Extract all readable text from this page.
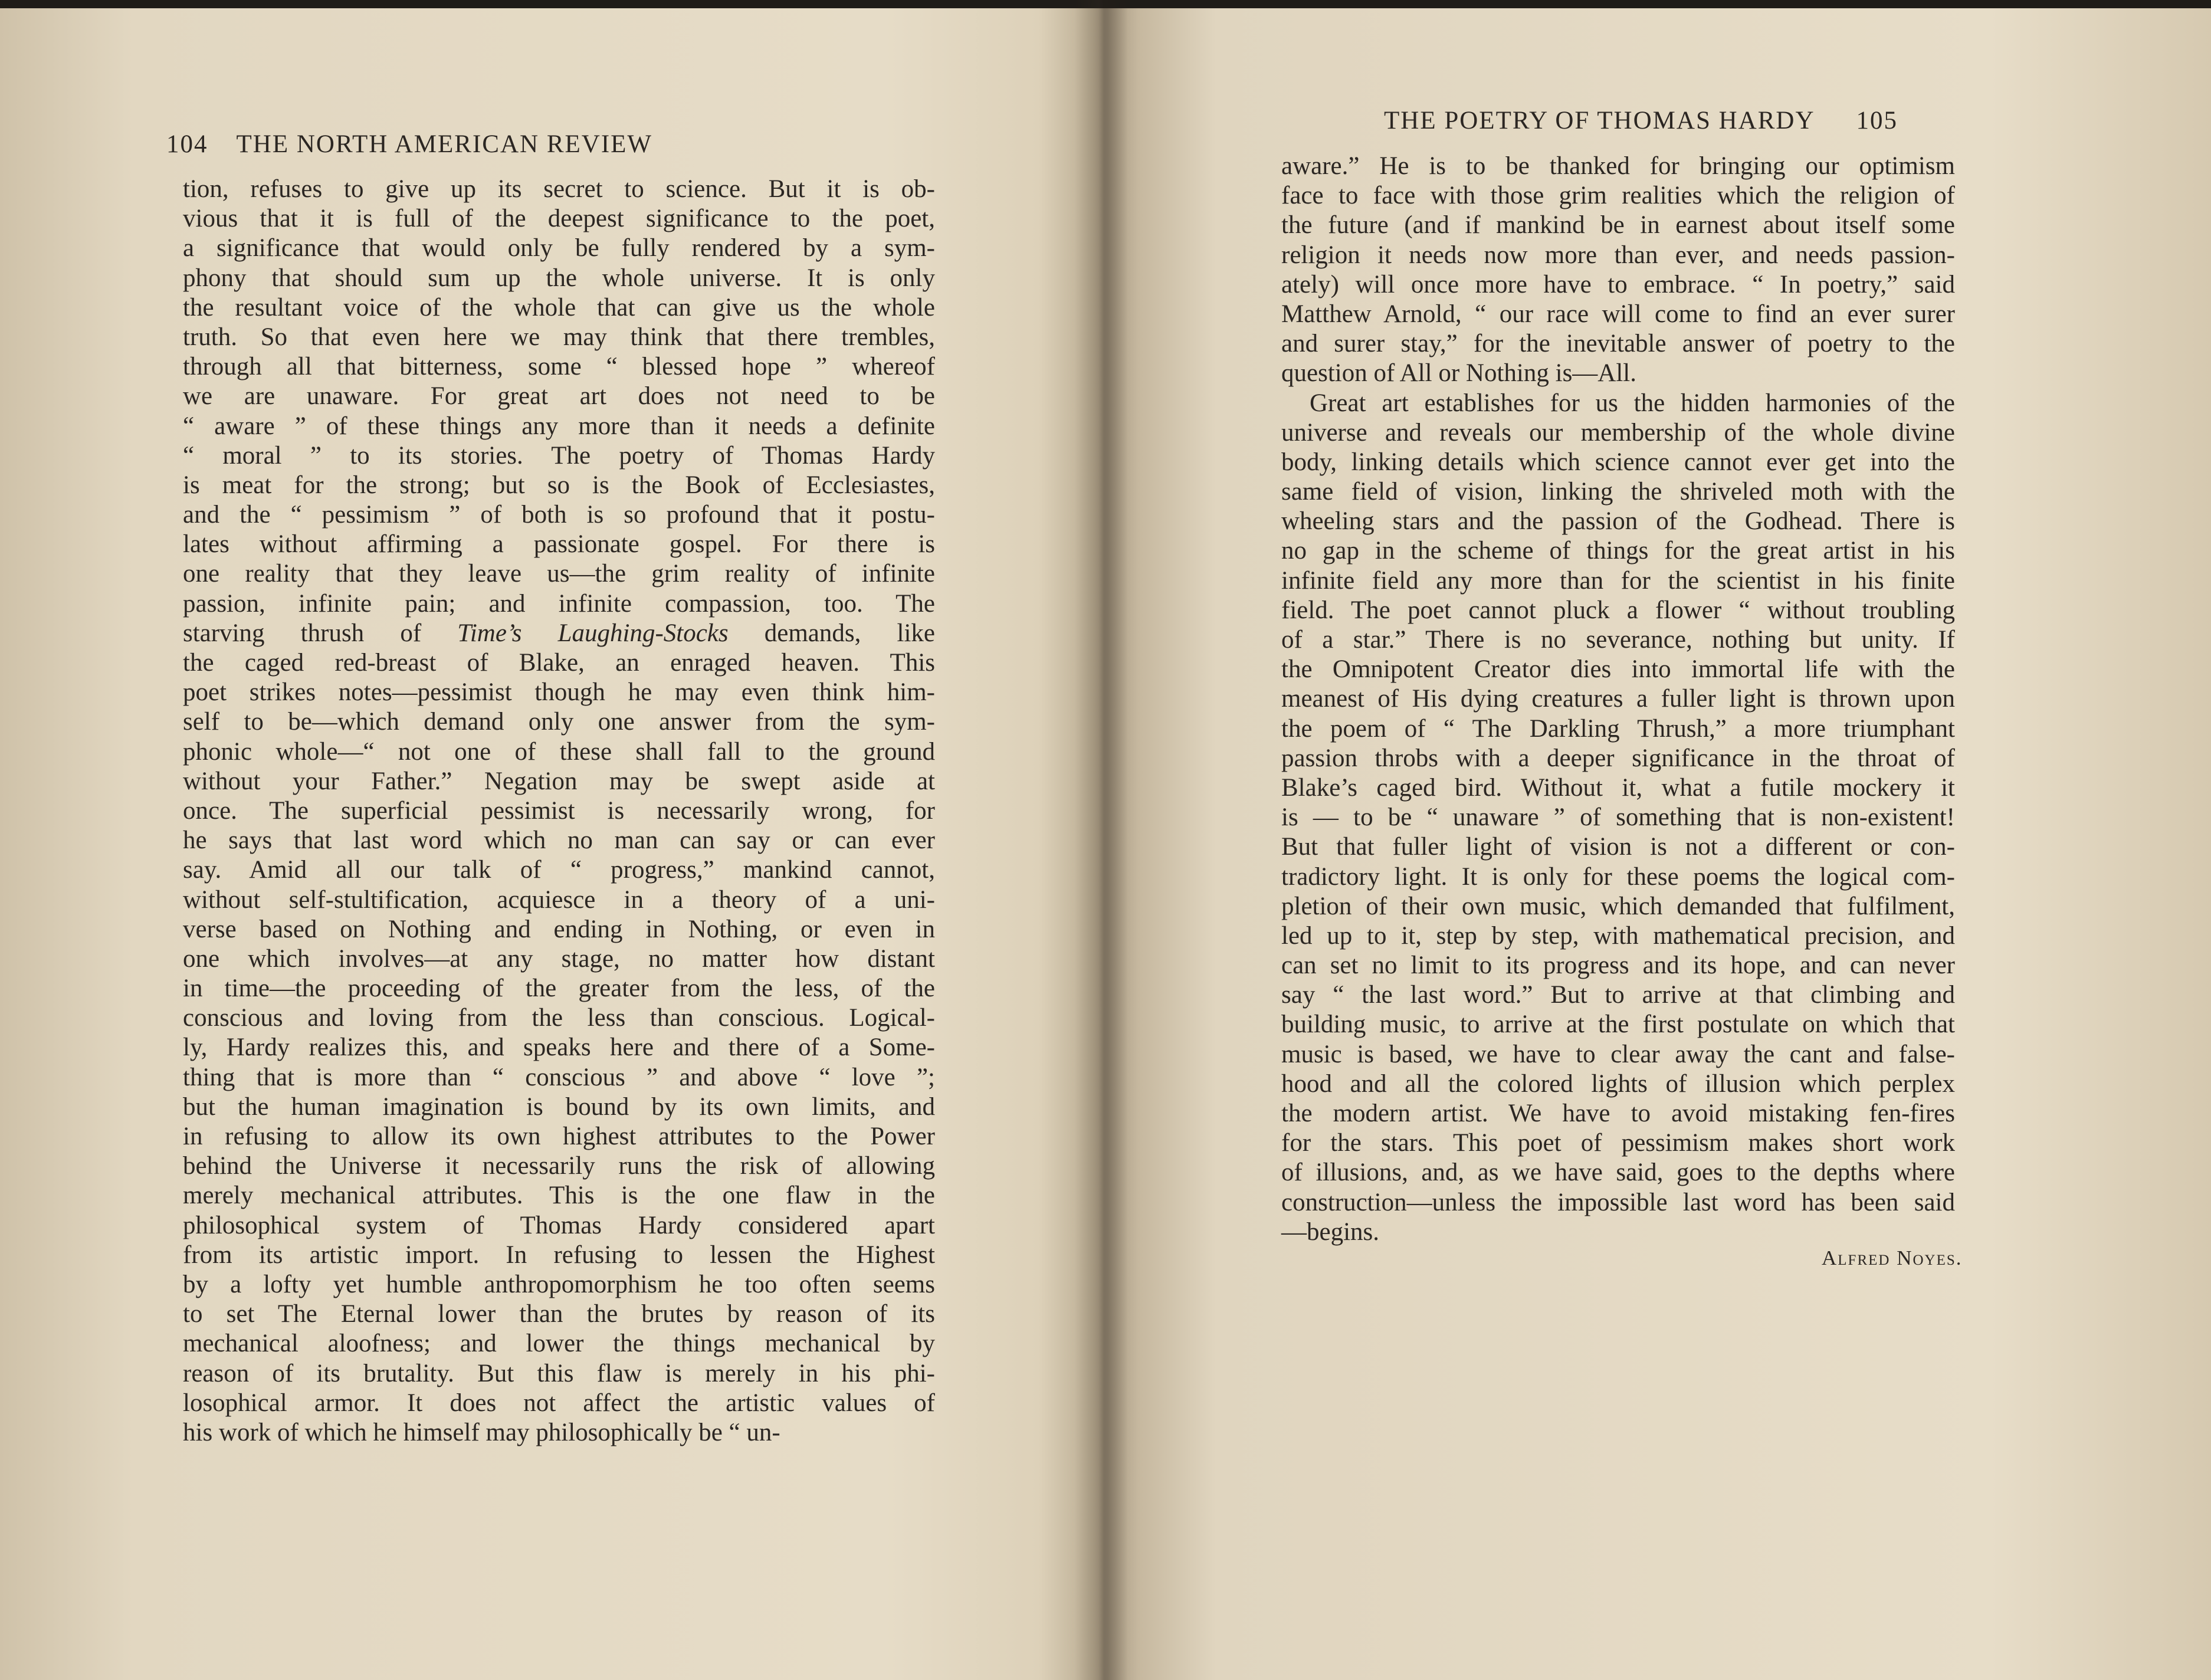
104 THE NORTH AMERICAN REVIEW
tion, refuses to give up its secret to science. But it is ob-
vious that it is full of the deepest significance to the poet,
a significance that would only be fully rendered by a sym-
phony that should sum up the whole universe. It is only
the resultant voice of the whole that can give us the whole
truth. So that even here we may think that there trembles,
through all that bitterness, some “ blessed hope ” whereof
we are unaware. For great art does not need to be
“ aware ” of these things any more than it needs a definite
“ moral ” to its stories. The poetry of Thomas Hardy
is meat for the strong; but so is the Book of Ecclesiastes,
and the “ pessimism ” of both is so profound that it postu-
lates without affirming a passionate gospel. For there is
one reality that they leave us—the grim reality of infinite
passion, infinite pain; and infinite compassion, too. The
starving thrush of Time’s Laughing-Stocks demands, like
the caged red-breast of Blake, an enraged heaven. This
poet strikes notes—pessimist though he may even think him-
self to be—which demand only one answer from the sym-
phonic whole—“ not one of these shall fall to the ground
without your Father.” Negation may be swept aside at
once. The superficial pessimist is necessarily wrong, for
he says that last word which no man can say or can ever
say. Amid all our talk of “ progress,” mankind cannot,
without self-stultification, acquiesce in a theory of a uni-
verse based on Nothing and ending in Nothing, or even in
one which involves—at any stage, no matter how distant
in time—the proceeding of the greater from the less, of the
conscious and loving from the less than conscious. Logical-
ly, Hardy realizes this, and speaks here and there of a Some-
thing that is more than “ conscious ” and above “ love ”;
but the human imagination is bound by its own limits, and
in refusing to allow its own highest attributes to the Power
behind the Universe it necessarily runs the risk of allowing
merely mechanical attributes. This is the one flaw in the
philosophical system of Thomas Hardy considered apart
from its artistic import. In refusing to lessen the Highest
by a lofty yet humble anthropomorphism he too often seems
to set The Eternal lower than the brutes by reason of its
mechanical aloofness; and lower the things mechanical by
reason of its brutality. But this flaw is merely in his phi-
losophical armor. It does not affect the artistic values of
his work of which he himself may philosophically be “ un-
THE POETRY OF THOMAS HARDY 105
aware.” He is to be thanked for bringing our optimism
face to face with those grim realities which the religion of
the future (and if mankind be in earnest about itself some
religion it needs now more than ever, and needs passion-
ately) will once more have to embrace. “ In poetry,” said
Matthew Arnold, “ our race will come to find an ever surer
and surer stay,” for the inevitable answer of poetry to the
question of All or Nothing is—All.
Great art establishes for us the hidden harmonies of the
universe and reveals our membership of the whole divine
body, linking details which science cannot ever get into the
same field of vision, linking the shriveled moth with the
wheeling stars and the passion of the Godhead. There is
no gap in the scheme of things for the great artist in his
infinite field any more than for the scientist in his finite
field. The poet cannot pluck a flower “ without troubling
of a star.” There is no severance, nothing but unity. If
the Omnipotent Creator dies into immortal life with the
meanest of His dying creatures a fuller light is thrown upon
the poem of “ The Darkling Thrush,” a more triumphant
passion throbs with a deeper significance in the throat of
Blake’s caged bird. Without it, what a futile mockery it
is — to be “ unaware ” of something that is non-existent!
But that fuller light of vision is not a different or con-
tradictory light. It is only for these poems the logical com-
pletion of their own music, which demanded that fulfilment,
led up to it, step by step, with mathematical precision, and
can set no limit to its progress and its hope, and can never
say “ the last word.” But to arrive at that climbing and
building music, to arrive at the first postulate on which that
music is based, we have to clear away the cant and false-
hood and all the colored lights of illusion which perplex
the modern artist. We have to avoid mistaking fen-fires
for the stars. This poet of pessimism makes short work
of illusions, and, as we have said, goes to the depths where
construction—unless the impossible last word has been said
—begins.
Alfred Noyes.
